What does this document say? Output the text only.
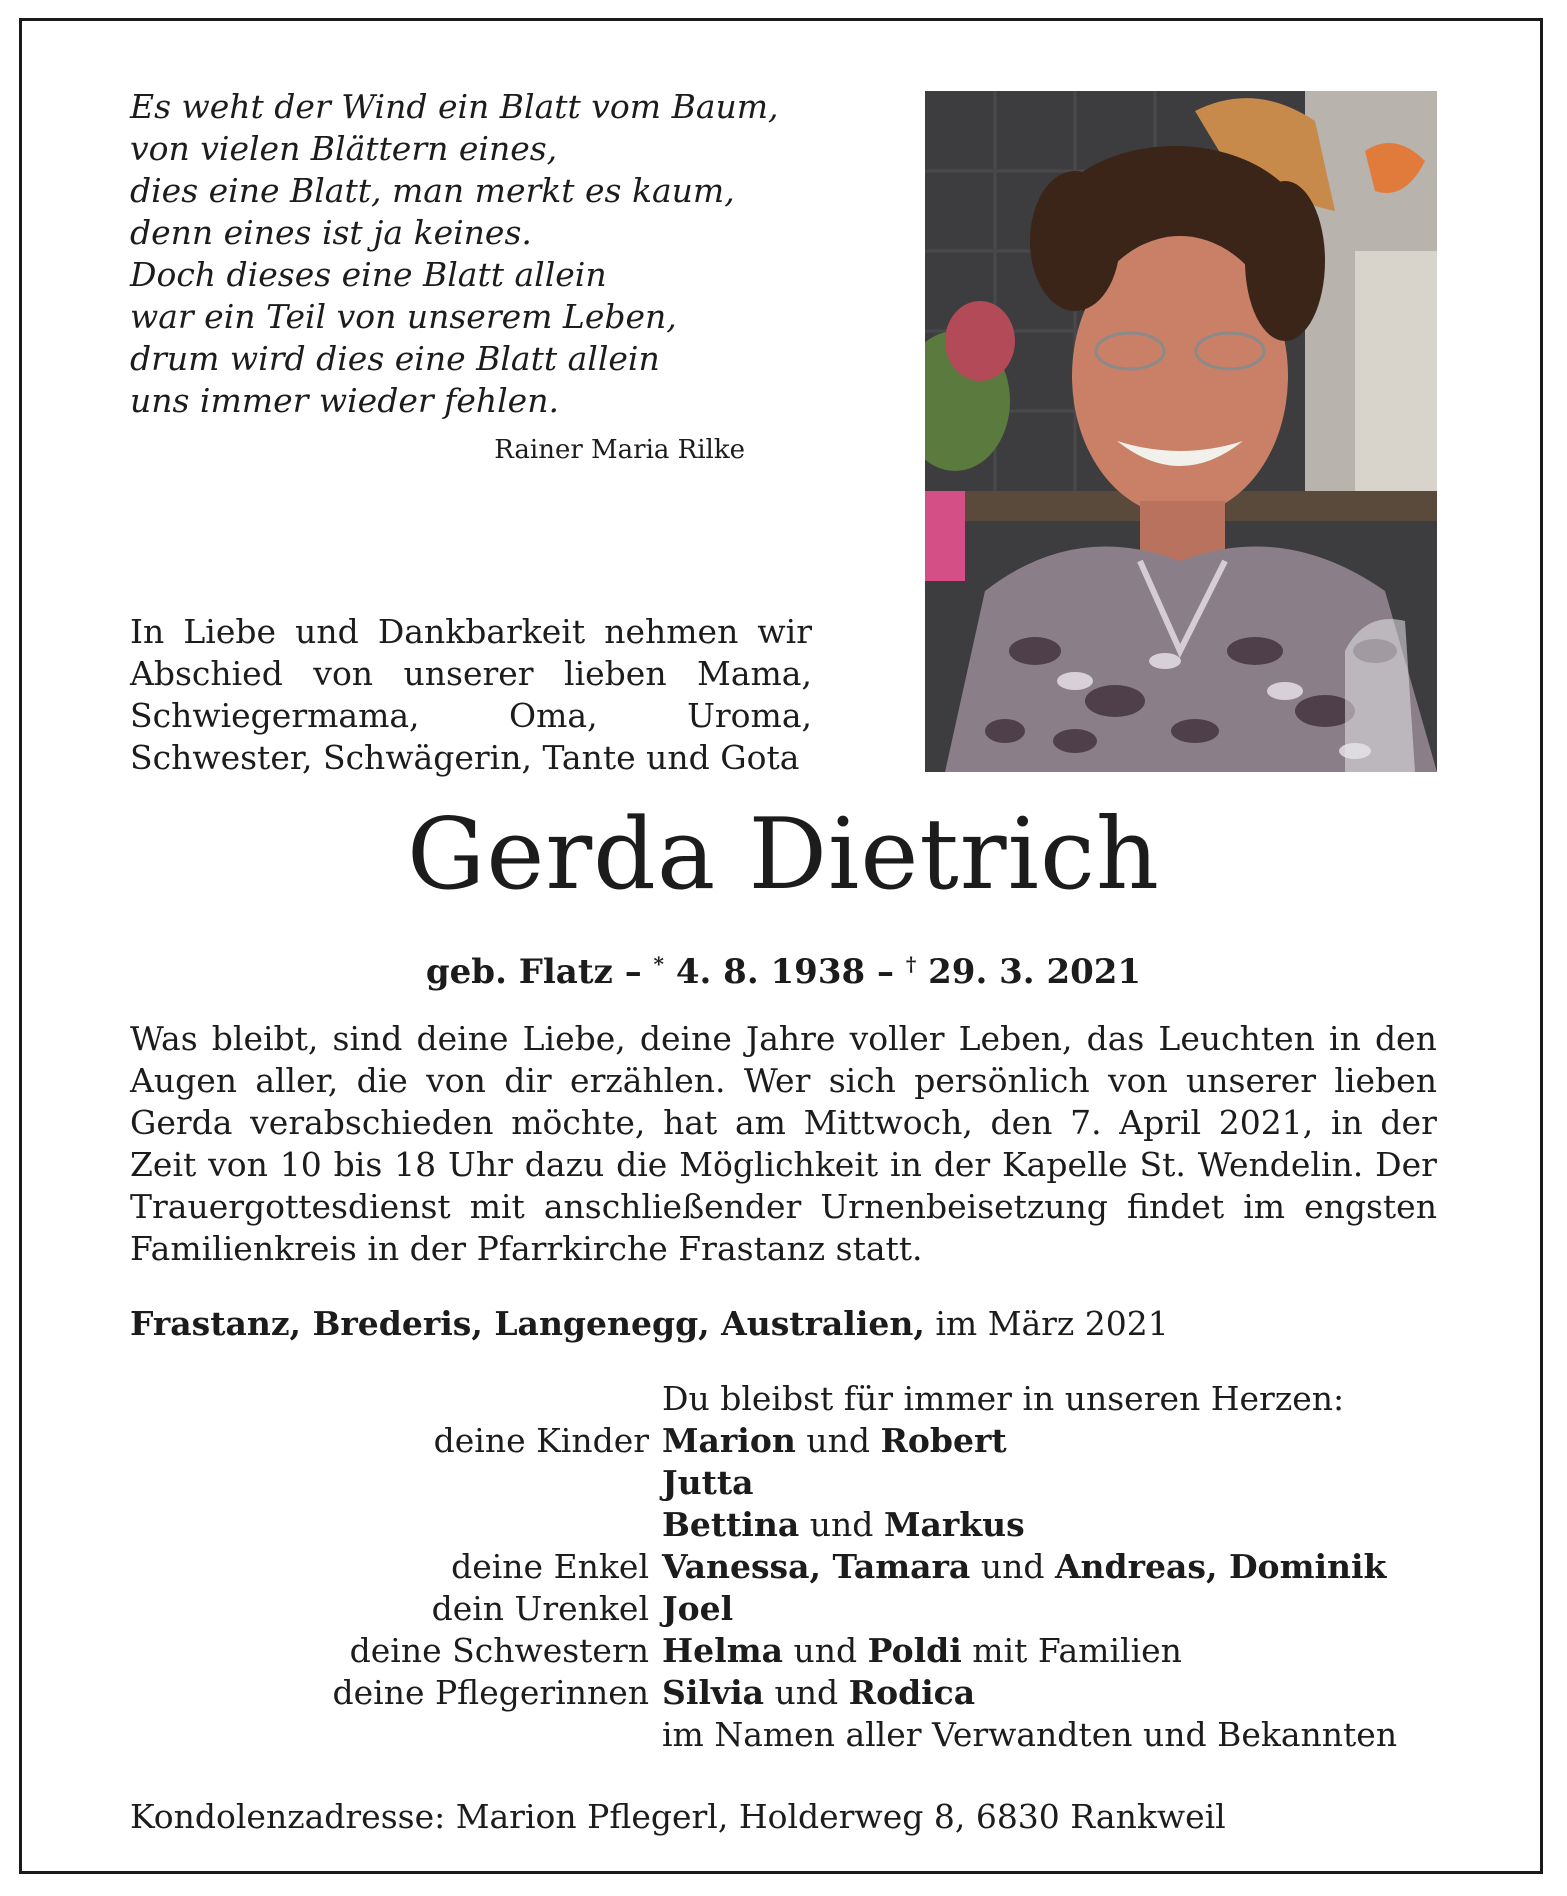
Es weht der Wind ein Blatt vom Baum,
von vielen Blättern eines,
dies eine Blatt, man merkt es kaum,
denn eines ist ja keines.
Doch dieses eine Blatt allein
war ein Teil von unserem Leben,
drum wird dies eine Blatt allein
uns immer wieder fehlen.
Rainer Maria Rilke
In Liebe und Dankbarkeit nehmen wir
Abschied von unserer lieben Mama,
Schwiegermama,	Oma,	Uroma,
Schwester, Schwägerin, Tante und Gota
Gerda Dietrich
geb. Flatz – * 4. 8. 1938 – † 29. 3. 2021
Was bleibt, sind deine Liebe, deine Jahre voller Leben, das Leuchten in den
Augen aller, die von dir erzählen. Wer sich persönlich von unserer lieben
Gerda verabschieden möchte, hat am Mittwoch, den 7. April 2021, in der
Zeit von 10 bis 18 Uhr dazu die Möglichkeit in der Kapelle St. Wendelin. Der
Trauergottesdienst mit anschließender Urnenbeisetzung findet im engsten
Familienkreis in der Pfarrkirche Frastanz statt.
Frastanz, Brederis, Langenegg, Australien, im März 2021
Du bleibst für immer in unseren Herzen:
deine Kinder Marion und Robert
Jutta
Bettina und Markus
deine Enkel Vanessa, Tamara und Andreas, Dominik
dein Urenkel Joel
deine Schwestern Helma und Poldi mit Familien
deine Pflegerinnen Silvia und Rodica
im Namen aller Verwandten und Bekannten
Kondolenzadresse: Marion Pflegerl, Holderweg 8, 6830 Rankweil
